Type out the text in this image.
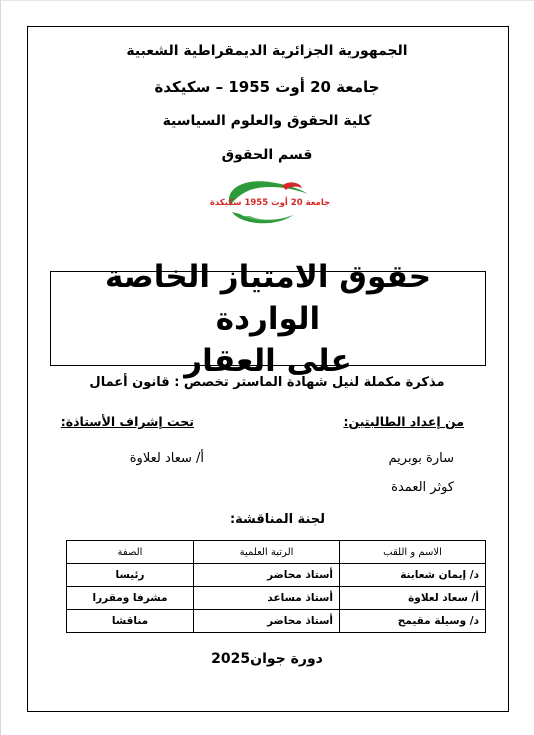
الجمهورية الجزائرية الديمقراطية الشعبية
جامعة 20 أوت 1955 – سكيكدة
كلية الحقوق والعلوم السياسية
قسم الحقوق
جامعة 20 أوت 1955 سكيكدة
حقوق الامتياز الخاصة الواردة
على العقار
مذكرة مكملة لنيل شهادة الماستر تخصص : قانون أعمال
من إعداد الطالبتين:
تحت إشراف الأستاذة:
سارة بوبريم
كوثر العمدة
أ/ سعاد لعلاوة
لجنة المناقشة:
الاسم و اللقب	الرتبة العلمية	الصفة
د/ إيمان شعابنة	أستاذ محاضر	رئيسا
أ/ سعاد لعلاوة	أستاذ مساعد	مشرفا ومقررا
د/ وسيلة مقيمح	أستاذ محاضر	مناقشا
دورة جوان2025
